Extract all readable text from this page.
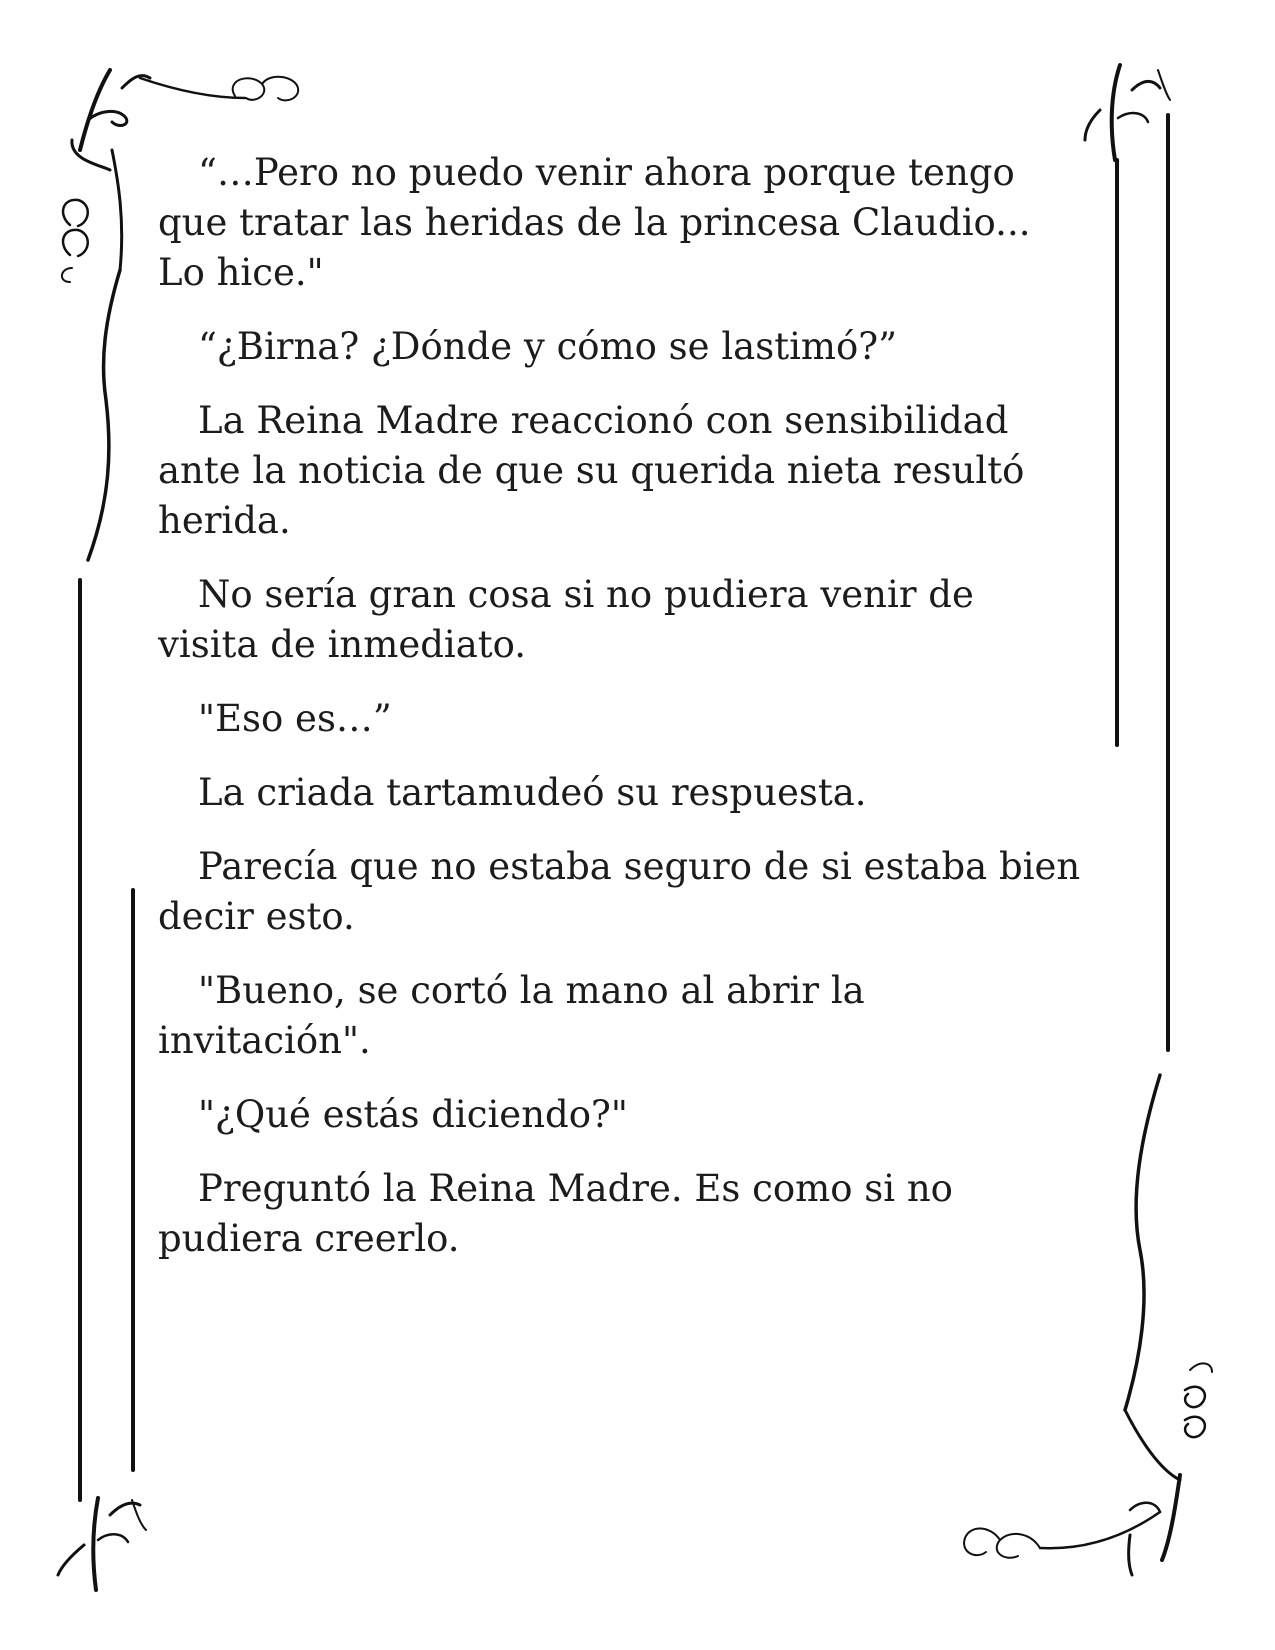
“…Pero no puedo venir ahora porque tengo
que tratar las heridas de la princesa Claudio...
Lo hice."

“¿Birna? ¿Dónde y cómo se lastimó?”

La Reina Madre reaccionó con sensibilidad
ante la noticia de que su querida nieta resultó
herida.

No sería gran cosa si no pudiera venir de
visita de inmediato.

"Eso es…”

La criada tartamudeó su respuesta.

Parecía que no estaba seguro de si estaba bien
decir esto.

"Bueno, se cortó la mano al abrir la
invitación".

"¿Qué estás diciendo?"

Preguntó la Reina Madre. Es como si no
pudiera creerlo.
